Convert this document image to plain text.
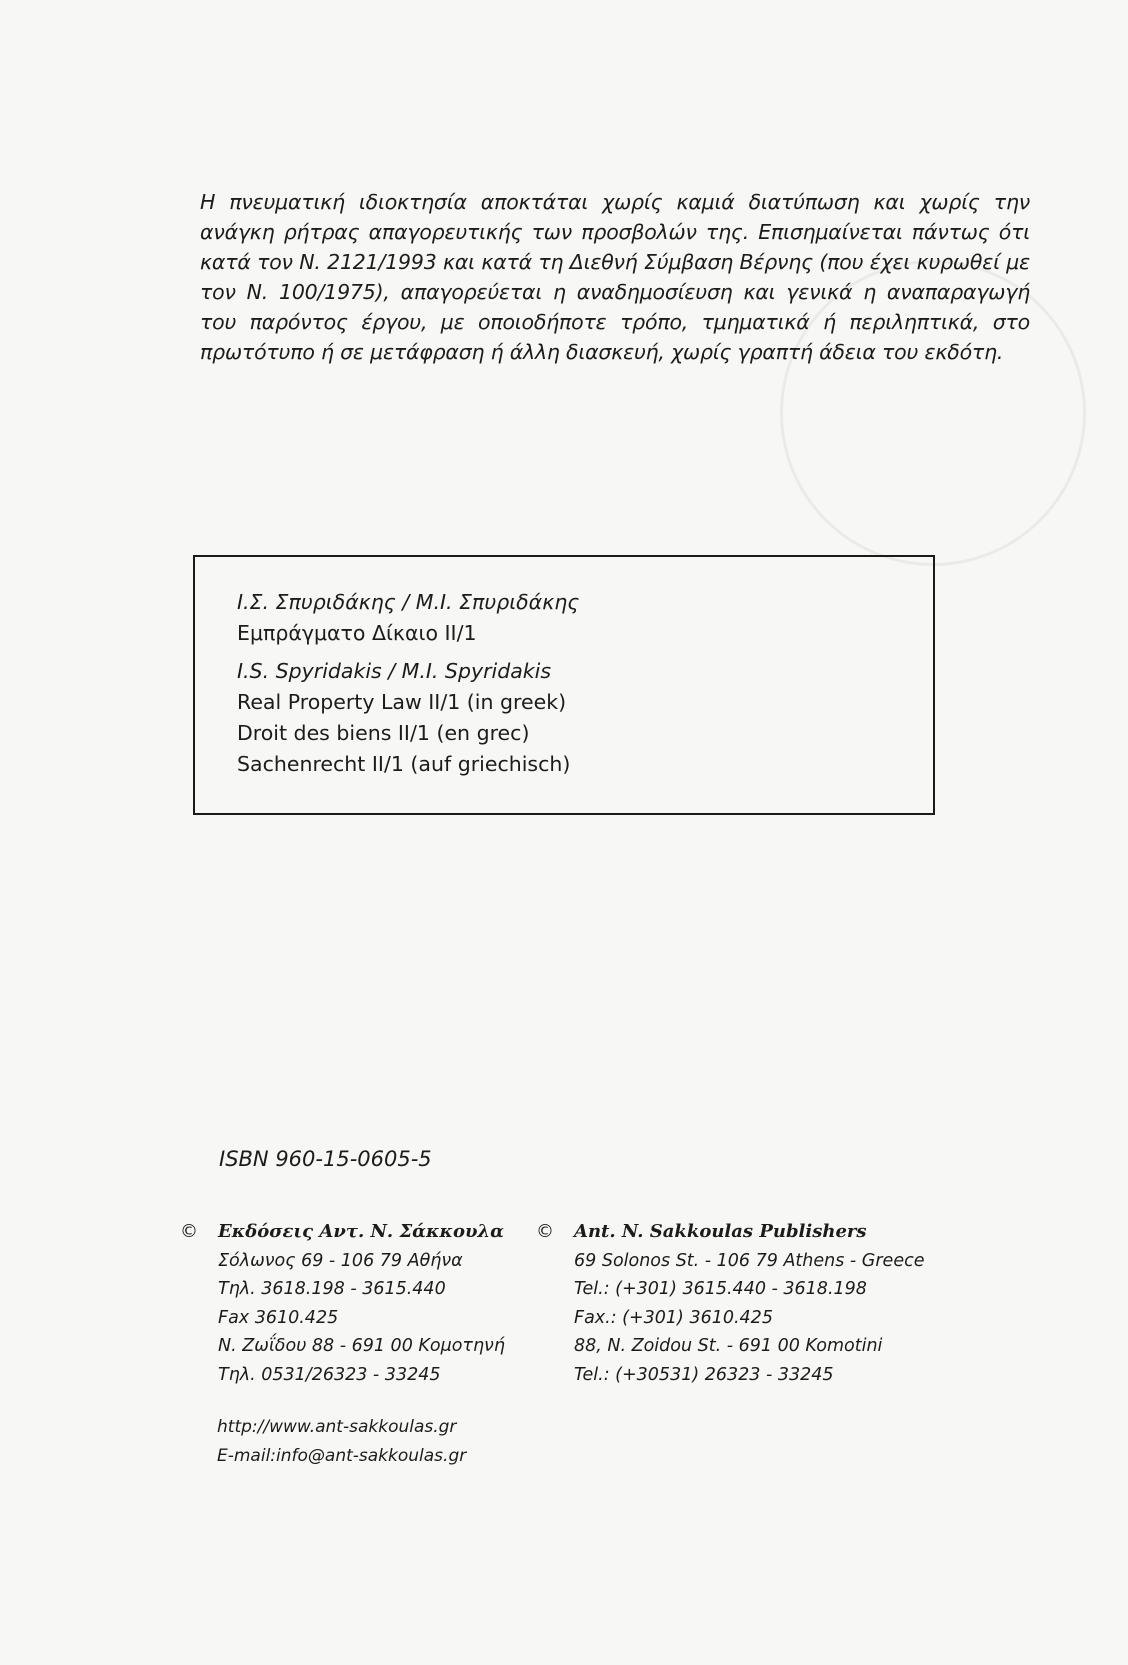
Η πνευματική ιδιοκτησία αποκτάται χωρίς καμιά διατύπωση και χωρίς την ανάγκη ρήτρας απαγορευτικής των προσβολών της. Επισημαίνεται πάντως ότι κατά τον Ν. 2121/1993 και κατά τη Διεθνή Σύμβαση Βέρνης (που έχει κυρωθεί με τον Ν. 100/1975), απαγορεύεται η αναδημοσίευση και γενικά η αναπαραγωγή του παρόντος έργου, με οποιοδήποτε τρόπο, τμηματικά ή περιληπτικά, στο πρωτότυπο ή σε μετάφραση ή άλλη διασκευή, χωρίς γραπτή άδεια του εκδότη.

Ι.Σ. Σπυριδάκης / Μ.Ι. Σπυριδάκης
Εμπράγματο Δίκαιο ΙΙ/1
I.S. Spyridakis / M.I. Spyridakis
Real Property Law II/1 (in greek)
Droit des biens II/1 (en grec)
Sachenrecht II/1 (auf griechisch)
ISBN 960-15-0605-5
©	Εκδόσεις Αντ. Ν. Σάκκουλα
Σόλωνος 69 - 106 79 Αθήνα
Τηλ. 3618.198 - 3615.440
Fax 3610.425
Ν. Ζωΐδου 88 - 691 00 Κομοτηνή
Τηλ. 0531/26323 - 33245
©	Ant. N. Sakkoulas Publishers
69 Solonos St. - 106 79 Athens - Greece
Tel.: (+301) 3615.440 - 3618.198
Fax.: (+301) 3610.425
88, N. Zoidou St. - 691 00 Komotini
Tel.: (+30531) 26323 - 33245
http://www.ant-sakkoulas.gr
E-mail:info@ant-sakkoulas.gr
